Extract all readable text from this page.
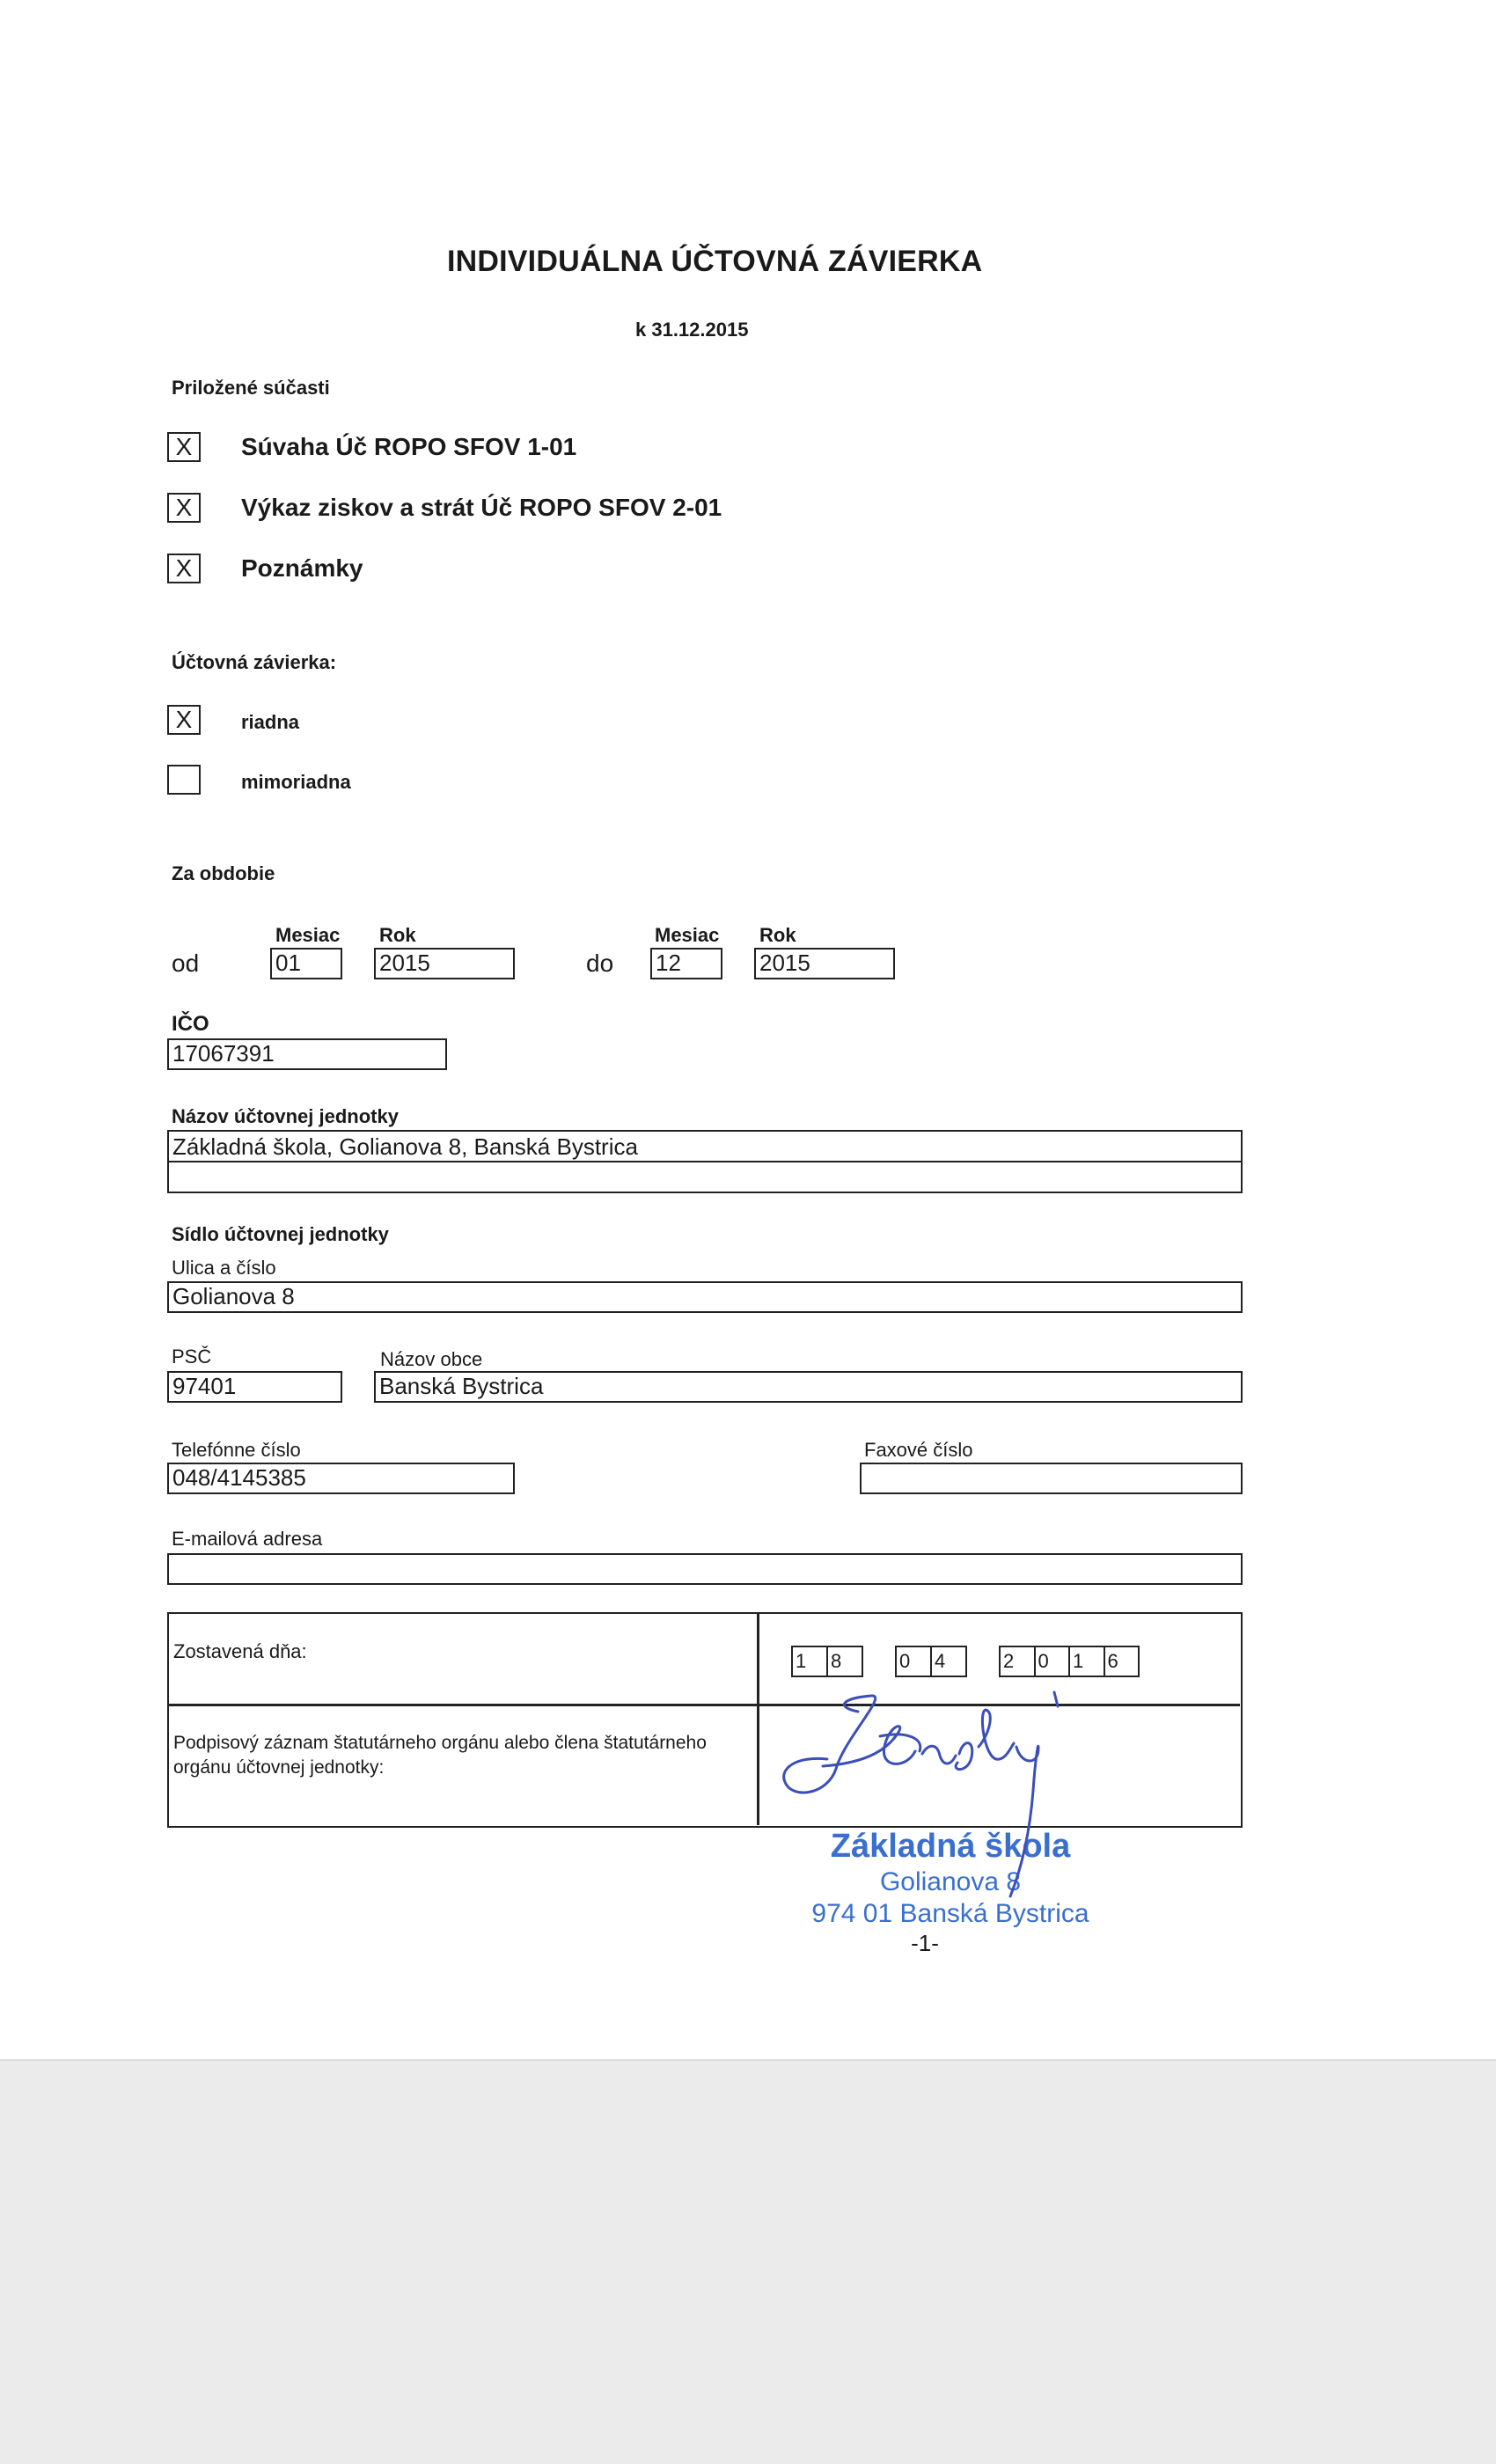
INDIVIDUÁLNA ÚČTOVNÁ ZÁVIERKA
k 31.12.2015
Priložené súčasti
X	Súvaha Úč ROPO SFOV 1-01
X	Výkaz ziskov a strát Úč ROPO SFOV 2-01
X	Poznámky
Účtovná závierka:
X	riadna
mimoriadna
Za obdobie
Mesiac Rok	Mesiac Rok
od	01	2015	do 12	2015
IČO
17067391
Názov účtovnej jednotky
Základná škola, Golianova 8, Banská Bystrica
Sídlo účtovnej jednotky
Ulica a číslo
Golianova 8
PSČ
97401
Názov obce
Banská Bystrica
Telefónne číslo
048/4145385
Faxové číslo
E-mailová adresa
Zostavená dňa:	1	8	0	4	2	0	1	6
Podpisový záznam štatutárneho orgánu alebo člena štatutárneho
orgánu účtovnej jednotky:
Základná škola
Golianova 8
974 01 Banská Bystrica
-1-
